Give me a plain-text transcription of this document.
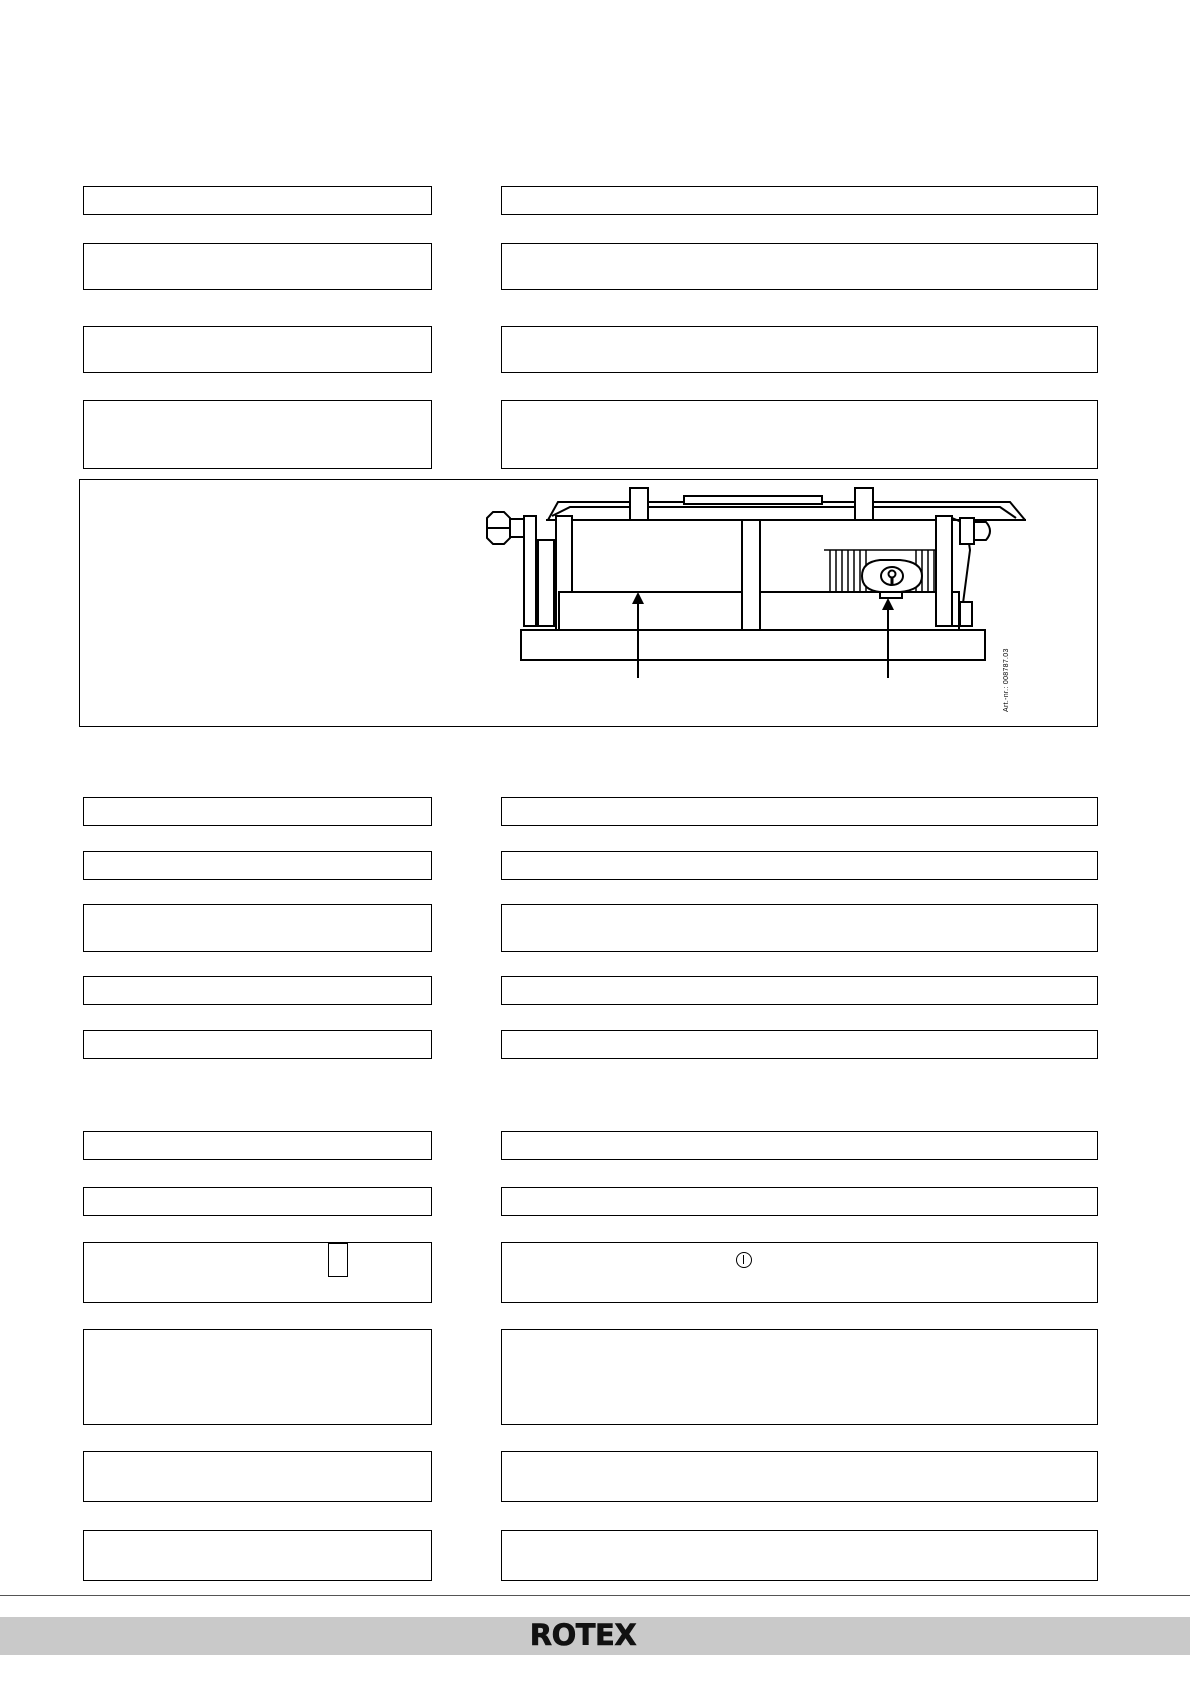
Art.-nr.: 008787.03
ROTEX
